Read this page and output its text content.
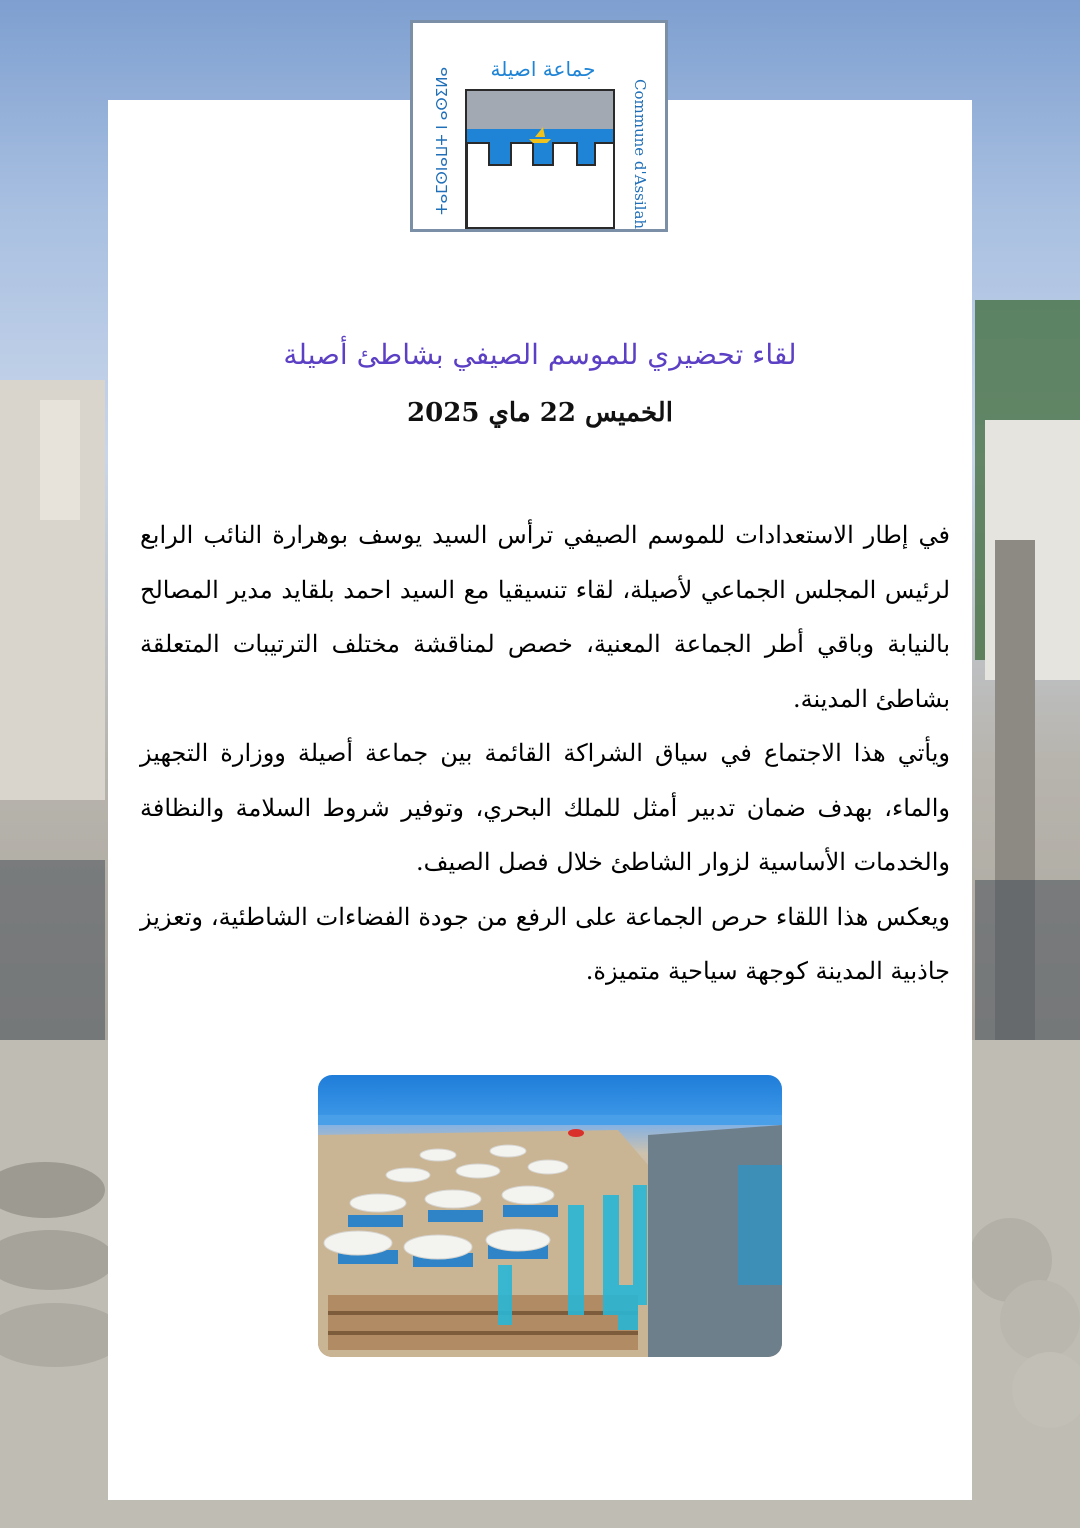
جماعة اصيلة
ⵜⴰⵎⵙⵏⴰⵡⵜ ⵏ ⴰⵙⵉⵍⴰ	Commune d'Assilah
لقاء تحضيري للموسم الصيفي بشاطئ أصيلة
الخميس 22 ماي 2025

في إطار الاستعدادات للموسم الصيفي ترأس السيد يوسف بوهرارة النائب الرابع لرئيس المجلس الجماعي لأصيلة، لقاء تنسيقيا مع السيد احمد بلقايد مدير المصالح بالنيابة وباقي أطر الجماعة المعنية، خصص لمناقشة مختلف الترتيبات المتعلقة بشاطئ المدينة.

ويأتي هذا الاجتماع في سياق الشراكة القائمة بين جماعة أصيلة ووزارة التجهيز والماء، بهدف ضمان تدبير أمثل للملك البحري، وتوفير شروط السلامة والنظافة والخدمات الأساسية لزوار الشاطئ خلال فصل الصيف.

ويعكس هذا اللقاء حرص الجماعة على الرفع من جودة الفضاءات الشاطئية، وتعزيز جاذبية المدينة كوجهة سياحية متميزة.
